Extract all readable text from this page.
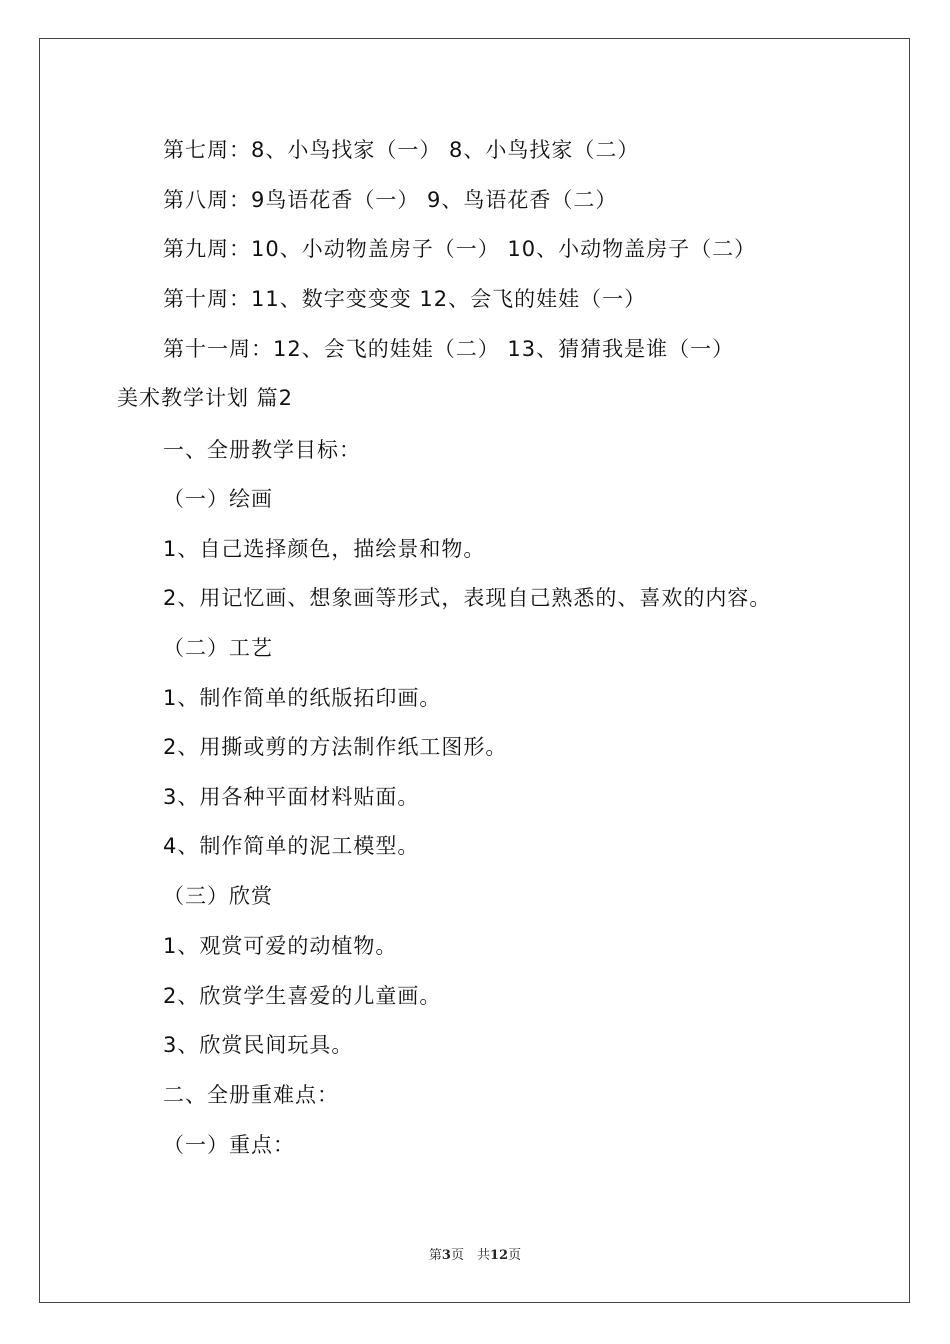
第七周：8、小鸟找家（一） 8、小鸟找家（二）
第八周：9鸟语花香（一） 9、鸟语花香（二）
第九周：10、小动物盖房子（一） 10、小动物盖房子（二）
第十周：11、数字变变变 12、会飞的娃娃（一）
第十一周：12、会飞的娃娃（二） 13、猜猜我是谁（一）
美术教学计划 篇2
一、全册教学目标：
（一）绘画
1、自己选择颜色，描绘景和物。
2、用记忆画、想象画等形式，表现自己熟悉的、喜欢的内容。
（二）工艺
1、制作简单的纸版拓印画。
2、用撕或剪的方法制作纸工图形。
3、用各种平面材料贴面。
4、制作简单的泥工模型。
（三）欣赏
1、观赏可爱的动植物。
2、欣赏学生喜爱的儿童画。
3、欣赏民间玩具。
二、全册重难点：
（一）重点：
第3页　共12页
